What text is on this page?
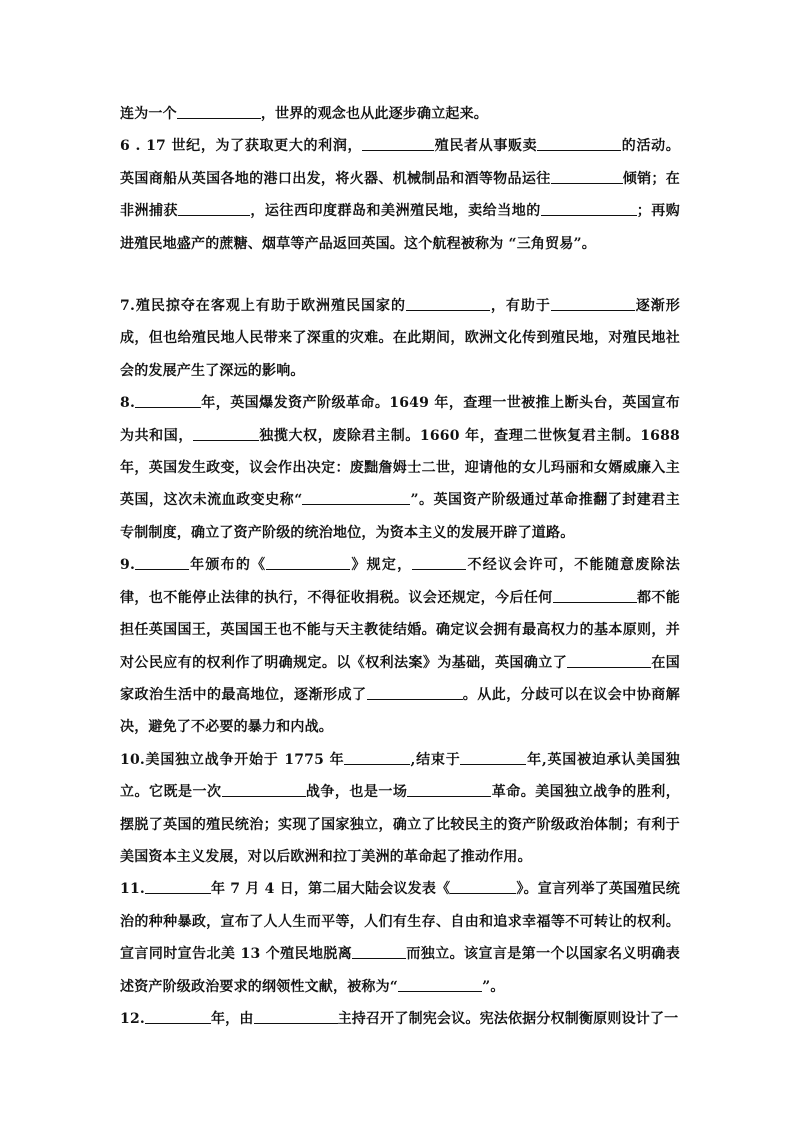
连为一个	，世界的观念也从此逐步确立起来。

6 . 17 世纪，为了获取更大的利润，	殖民者从事贩卖	的活动。英国商船从英国各地的港口出发，将火器、机械制品和酒等物品运往	倾销；在非洲捕获	，运往西印度群岛和美洲殖民地，卖给当地的	；再购进殖民地盛产的蔗糖、烟草等产品返回英国。这个航程被称为 “三角贸易”。

7.殖民掠夺在客观上有助于欧洲殖民国家的	，有助于	逐渐形成，但也给殖民地人民带来了深重的灾难。在此期间，欧洲文化传到殖民地，对殖民地社会的发展产生了深远的影响。

8.	年，英国爆发资产阶级革命。1649 年，查理一世被推上断头台，英国宣布为共和国，	独揽大权，废除君主制。1660 年，查理二世恢复君主制。1688 年，英国发生政变，议会作出决定：废黜詹姆士二世，迎请他的女儿玛丽和女婿威廉入主英国，这次未流血政变史称“	”。英国资产阶级通过革命推翻了封建君主专制制度，确立了资产阶级的统治地位，为资本主义的发展开辟了道路。

9.	年颁布的《	》规定，	不经议会许可，不能随意废除法律，也不能停止法律的执行，不得征收捐税。议会还规定，今后任何	都不能担任英国国王，英国国王也不能与天主教徒结婚。确定议会拥有最高权力的基本原则，并对公民应有的权利作了明确规定。以《权利法案》为基础，英国确立了	在国家政治生活中的最高地位，逐渐形成了	。从此，分歧可以在议会中协商解决，避免了不必要的暴力和内战。

10.美国独立战争开始于 1775 年	,结束于	年,英国被迫承认美国独立。它既是一次	战争，也是一场	革命。美国独立战争的胜利，摆脱了英国的殖民统治；实现了国家独立，确立了比较民主的资产阶级政治体制；有利于美国资本主义发展，对以后欧洲和拉丁美洲的革命起了推动作用。

11.	年 7 月 4 日，第二届大陆会议发表《	》。宣言列举了英国殖民统治的种种暴政，宣布了人人生而平等，人们有生存、自由和追求幸福等不可转让的权利。宣言同时宣告北美 13 个殖民地脱离	而独立。该宣言是第一个以国家名义明确表述资产阶级政治要求的纲领性文献，被称为“	”。

12.	年，由	主持召开了制宪会议。宪法依据分权制衡原则设计了一
